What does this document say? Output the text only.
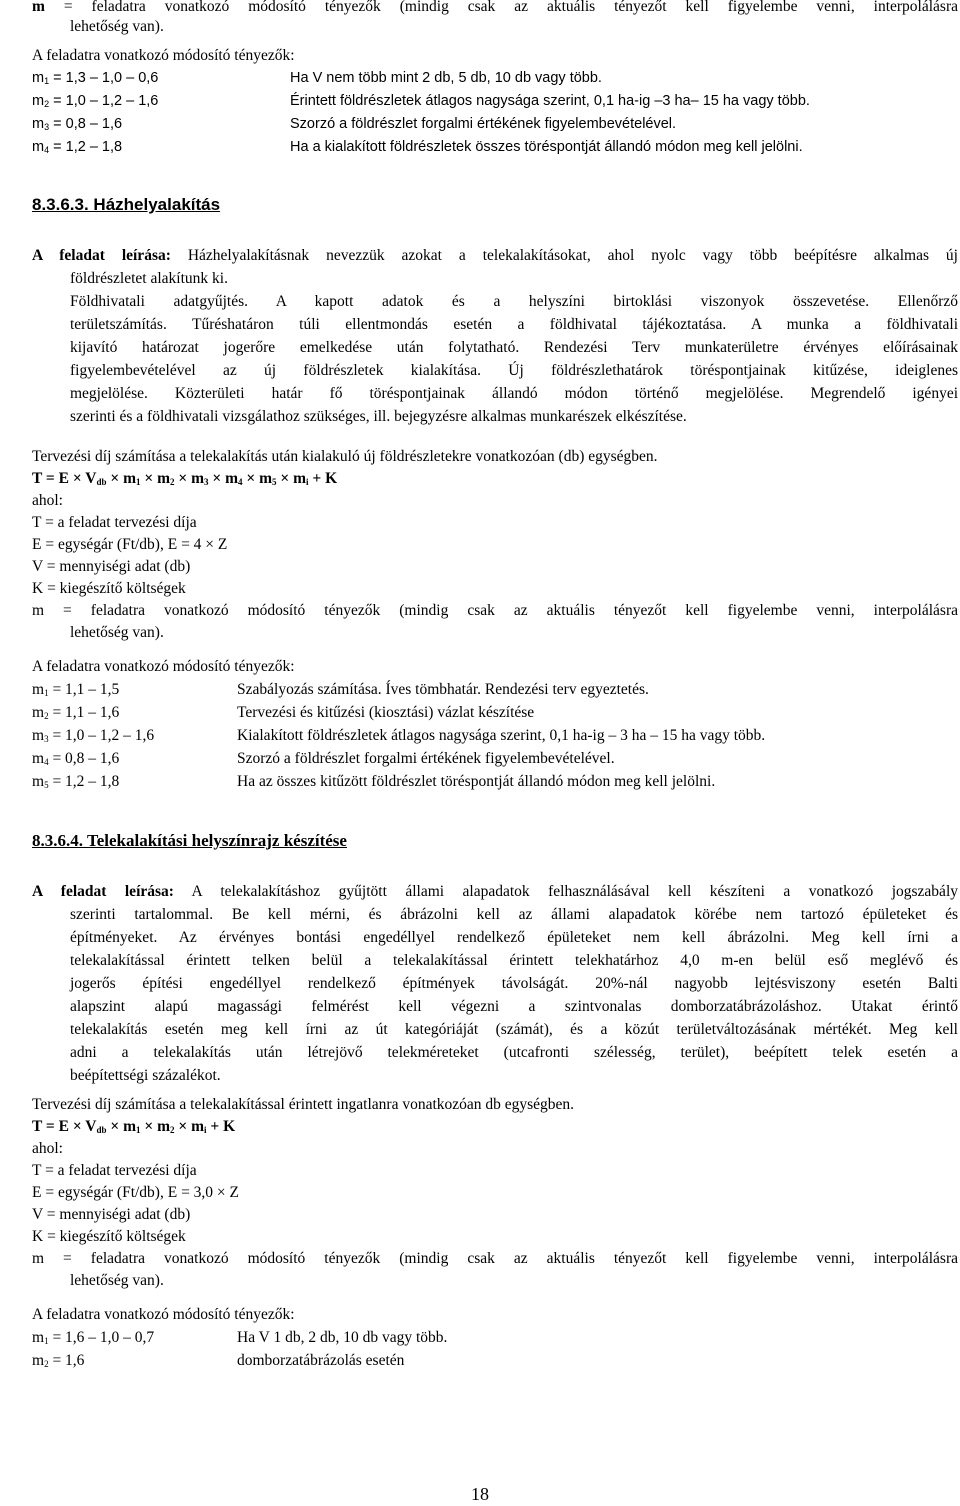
m = feladatra vonatkozó módosító tényezők (mindig csak az aktuális tényezőt kell figyelembe venni, interpolálásra
lehetőség van).
A feladatra vonatkozó módosító tényezők:
$m_1 = 1,3 - 1,0 - 0,6$	Ha V nem több mint 2 db, 5 db, 10 db vagy több.
$m_2 = 1,0 - 1,2 - 1,6$	Érintett földrészletek átlagos nagysága szerint, 0,1 ha-ig –3 ha– 15 ha vagy több.
$m_3 = 0,8 - 1,6$	Szorzó a földrészlet forgalmi értékének figyelembevételével.
$m_4 = 1,2 - 1,8$	Ha a kialakított földrészletek összes töréspontját állandó módon meg kell jelölni.
8.3.6.3. Házhelyalakítás
A feladat leírása: Házhelyalakításnak nevezzük azokat a telekalakításokat, ahol nyolc vagy több beépítésre alkalmas új
földrészletet alakítunk ki.
Földhivatali adatgyűjtés. A kapott adatok és a helyszíni birtoklási viszonyok összevetése. Ellenőrző
területszámítás. Tűréshatáron túli ellentmondás esetén a földhivatal tájékoztatása. A munka a földhivatali
kijavító határozat jogerőre emelkedése után folytatható. Rendezési Terv munkaterületre érvényes előírásainak
figyelembevételével az új földrészletek kialakítása. Új földrészlethatárok töréspontjainak kitűzése, ideiglenes
megjelölése. Közterületi határ fő töréspontjainak állandó módon történő megjelölése. Megrendelő igényei
szerinti és a földhivatali vizsgálathoz szükséges, ill. bejegyzésre alkalmas munkarészek elkészítése.
Tervezési díj számítása a telekalakítás után kialakuló új földrészletekre vonatkozóan (db) egységben.
$T = E \times V_{db} \times m_1 \times m_2 \times m_3 \times m_4 \times m_5 \times m_i + K$
ahol:
T = a feladat tervezési díja
E = egységár (Ft/db), E = 4 × Z
V = mennyiségi adat (db)
K = kiegészítő költségek
m = feladatra vonatkozó módosító tényezők (mindig csak az aktuális tényezőt kell figyelembe venni, interpolálásra
lehetőség van).
A feladatra vonatkozó módosító tényezők:
$m_1 = 1,1 - 1,5$	Szabályozás számítása. Íves tömbhatár. Rendezési terv egyeztetés.
$m_2 = 1,1 - 1,6$	Tervezési és kitűzési (kiosztási) vázlat készítése
$m_3 = 1,0 - 1,2 - 1,6$	Kialakított földrészletek átlagos nagysága szerint, 0,1 ha-ig – 3 ha – 15 ha vagy több.
$m_4 = 0,8 - 1,6$	Szorzó a földrészlet forgalmi értékének figyelembevételével.
$m_5 = 1,2 - 1,8$	Ha az összes kitűzött földrészlet töréspontját állandó módon meg kell jelölni.
8.3.6.4. Telekalakítási helyszínrajz készítése
A feladat leírása: A telekalakításhoz gyűjtött állami alapadatok felhasználásával kell készíteni a vonatkozó jogszabály
szerinti tartalommal. Be kell mérni, és ábrázolni kell az állami alapadatok körébe nem tartozó épületeket és
építményeket. Az érvényes bontási engedéllyel rendelkező épületeket nem kell ábrázolni. Meg kell írni a
telekalakítással érintett telken belül a telekalakítással érintett telekhatárhoz 4,0 m-en belül eső meglévő és
jogerős építési engedéllyel rendelkező építmények távolságát. 20%-nál nagyobb lejtésviszony esetén Balti
alapszint alapú magassági felmérést kell végezni a szintvonalas domborzatábrázoláshoz. Utakat érintő
telekalakítás esetén meg kell írni az út kategóriáját (számát), és a közút területváltozásának mértékét. Meg kell
adni a telekalakítás után létrejövő telekméreteket (utcafronti szélesség, terület), beépített telek esetén a
beépítettségi százalékot.
Tervezési díj számítása a telekalakítással érintett ingatlanra vonatkozóan db egységben.
$T = E \times V_{db} \times m_1 \times m_2 \times m_i + K$
ahol:
T = a feladat tervezési díja
E = egységár (Ft/db), E = 3,0 × Z
V = mennyiségi adat (db)
K = kiegészítő költségek
m = feladatra vonatkozó módosító tényezők (mindig csak az aktuális tényezőt kell figyelembe venni, interpolálásra
lehetőség van).
A feladatra vonatkozó módosító tényezők:
$m_1 = 1,6 - 1,0 - 0,7$	Ha V 1 db, 2 db, 10 db vagy több.
$m_2 = 1,6$	domborzatábrázolás esetén
18
